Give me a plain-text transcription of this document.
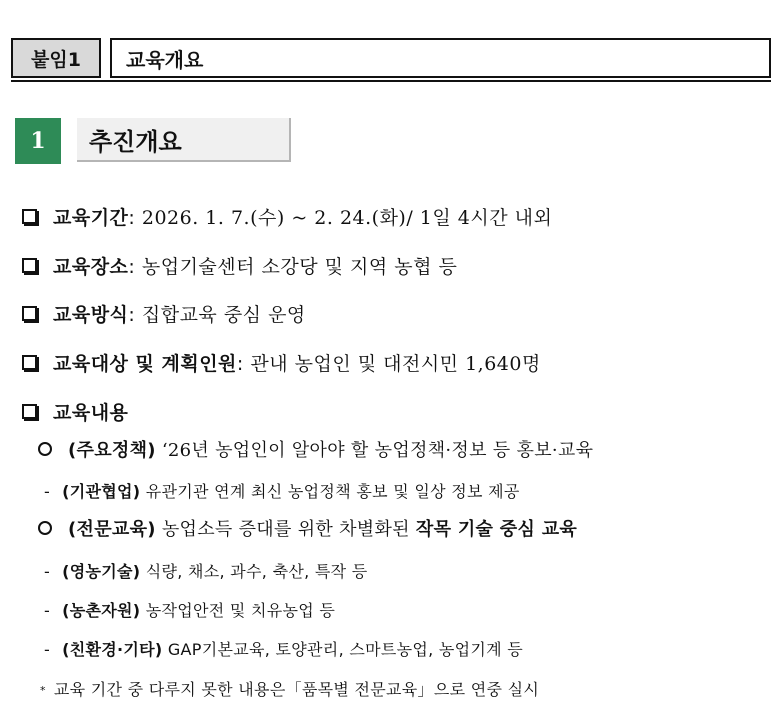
붙임1	교육개요
1	추진개요
교육기간: 2026. 1. 7.(수) ~ 2. 24.(화)/ 1일 4시간 내외
교육장소: 농업기술센터 소강당 및 지역 농협 등
교육방식: 집합교육 중심 운영
교육대상 및 계획인원: 관내 농업인 및 대전시민 1,640명
교육내용
(주요정책) ‘26년 농업인이 알아야 할 농업정책·정보 등 홍보·교육
- (기관협업) 유관기관 연계 최신 농업정책 홍보 및 일상 정보 제공
(전문교육) 농업소득 증대를 위한 차별화된 작목 기술 중심 교육
- (영농기술) 식량, 채소, 과수, 축산, 특작 등
- (농촌자원) 농작업안전 및 치유농업 등
- (친환경·기타) GAP기본교육, 토양관리, 스마트농업, 농업기계 등
* 교육 기간 중 다루지 못한 내용은「품목별 전문교육」으로 연중 실시
